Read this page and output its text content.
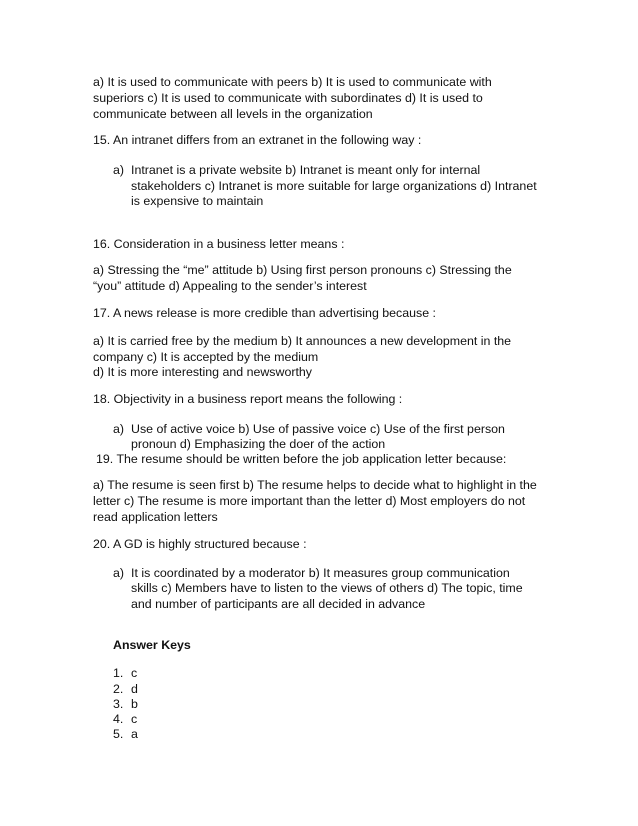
a) It is used to communicate with peers b) It is used to communicate with
superiors c) It is used to communicate with subordinates d) It is used to
communicate between all levels in the organization
15. An intranet differs from an extranet in the following way :
a) Intranet is a private website b) Intranet is meant only for internal
stakeholders c) Intranet is more suitable for large organizations d) Intranet
is expensive to maintain
16. Consideration in a business letter means :
a) Stressing the “me” attitude b) Using first person pronouns c) Stressing the
“you” attitude d) Appealing to the sender’s interest
17. A news release is more credible than advertising because :
a) It is carried free by the medium b) It announces a new development in the
company c) It is accepted by the medium
d) It is more interesting and newsworthy
18. Objectivity in a business report means the following :
a) Use of active voice b) Use of passive voice c) Use of the first person
pronoun d) Emphasizing the doer of the action
19. The resume should be written before the job application letter because:
a) The resume is seen first b) The resume helps to decide what to highlight in the
letter c) The resume is more important than the letter d) Most employers do not
read application letters
20. A GD is highly structured because :
a) It is coordinated by a moderator b) It measures group communication
skills c) Members have to listen to the views of others d) The topic, time
and number of participants are all decided in advance
Answer Keys
1. c
2. d
3. b
4. c
5. a
